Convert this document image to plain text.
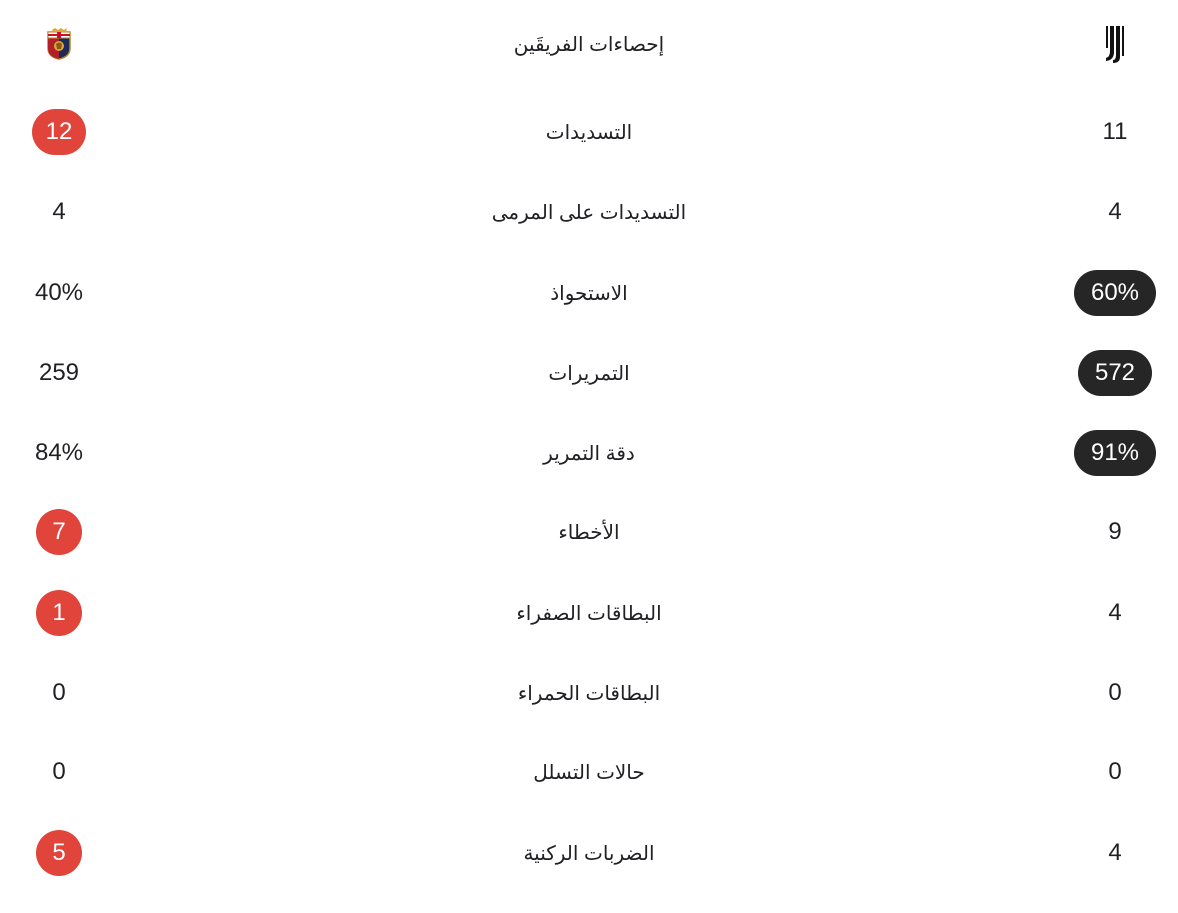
إحصاءات الفريقَين
12	التسديدات	11
4	التسديدات على المرمى	4
40%	الاستحواذ	60%
259	التمريرات	572
84%	دقة التمرير	91%
7	الأخطاء	9
1	البطاقات الصفراء	4
0	البطاقات الحمراء	0
0	حالات التسلل	0
5	الضربات الركنية	4
